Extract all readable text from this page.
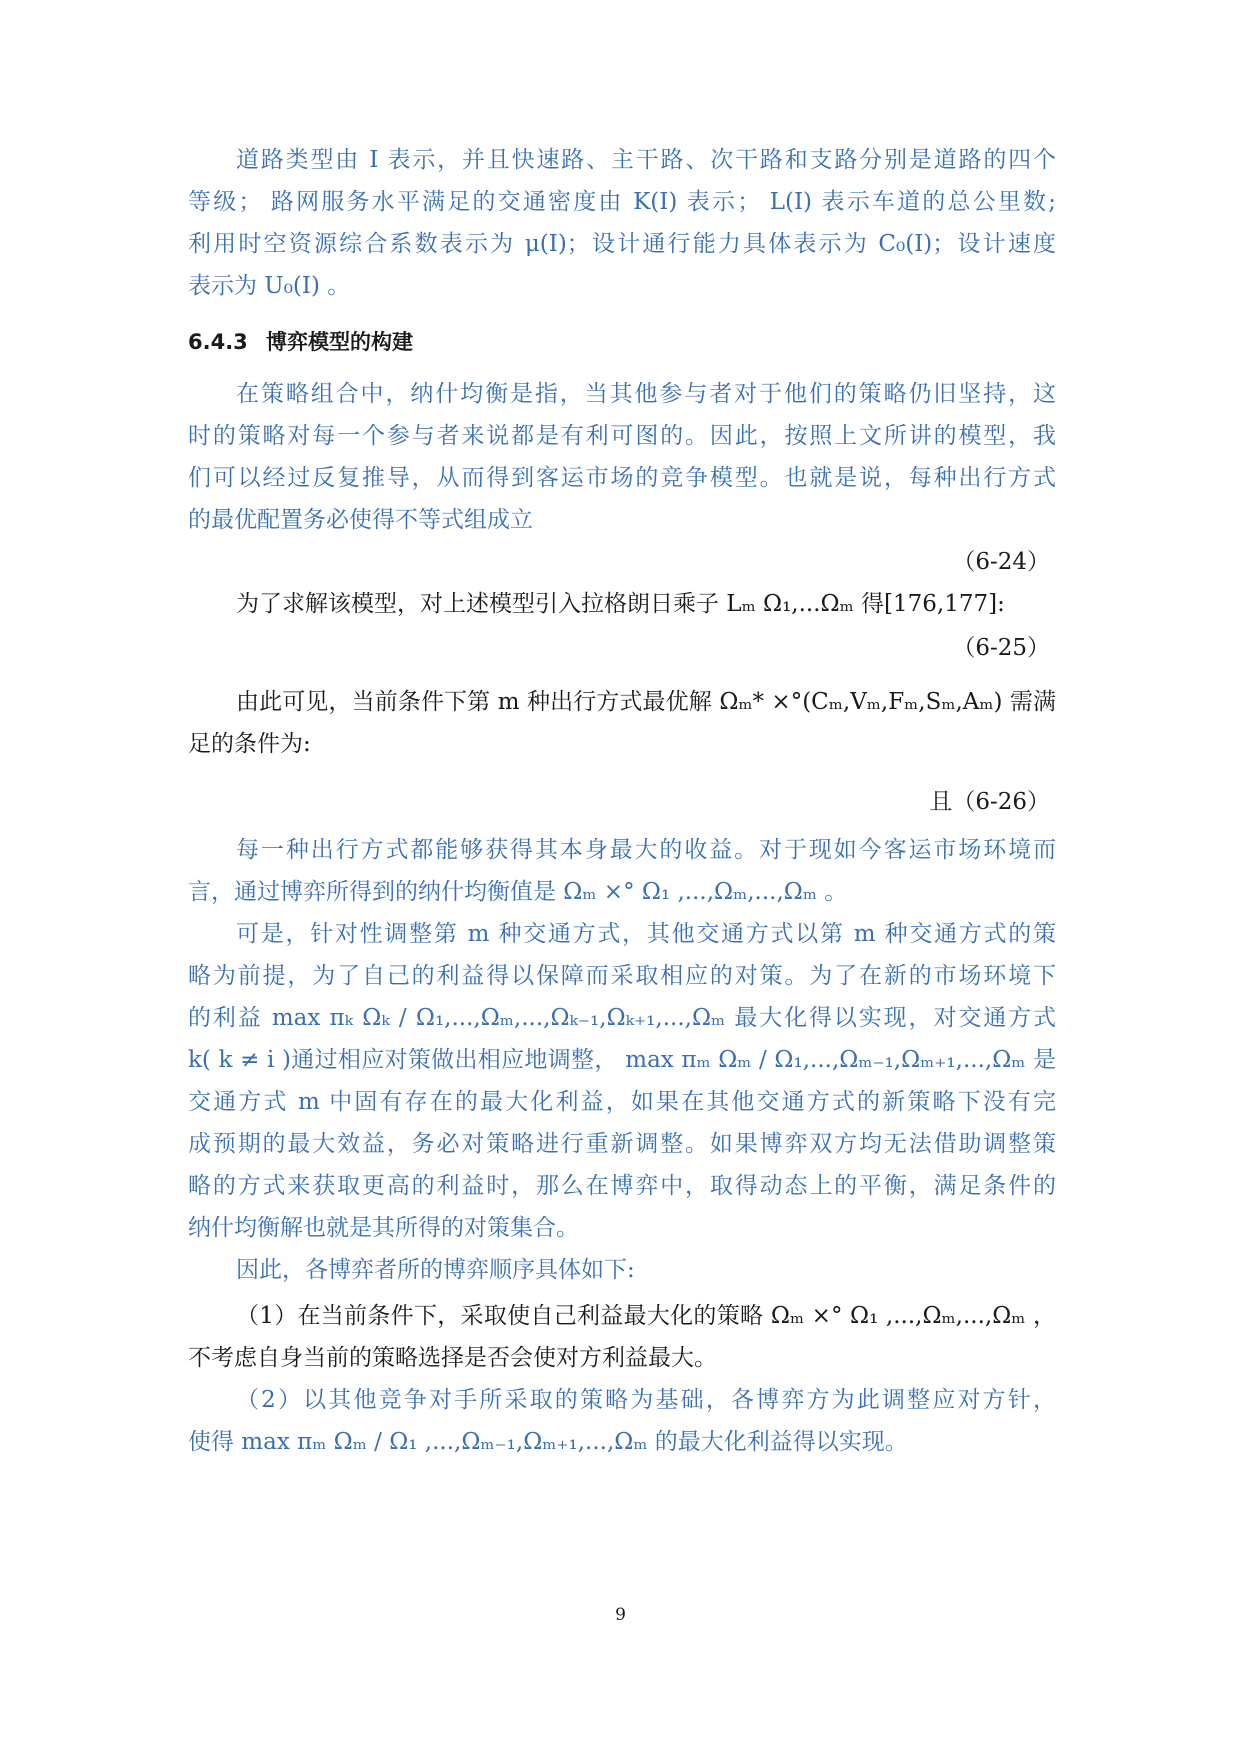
道路类型由 I 表示，并且快速路、主干路、次干路和支路分别是道路的四个
等级； 路网服务水平满足的交通密度由 K(I) 表示； L(I) 表示车道的总公里数;
利用时空资源综合系数表示为 μ(I)；设计通行能力具体表示为 C₀(I)；设计速度
表示为 U₀(I) 。
6.4.3 博弈模型的构建
在策略组合中，纳什均衡是指，当其他参与者对于他们的策略仍旧坚持，这
时的策略对每一个参与者来说都是有利可图的。因此，按照上文所讲的模型，我
们可以经过反复推导，从而得到客运市场的竞争模型。也就是说，每种出行方式
的最优配置务必使得不等式组成立
（6-24）
为了求解该模型，对上述模型引入拉格朗日乘子 Lₘ Ω₁,...Ωₘ 得[176,177]:
（6-25）
由此可见，当前条件下第 m 种出行方式最优解 Ωₘ* ×°(Cₘ,Vₘ,Fₘ,Sₘ,Aₘ) 需满
足的条件为:
且（6-26）
每一种出行方式都能够获得其本身最大的收益。对于现如今客运市场环境而
言，通过博弈所得到的纳什均衡值是 Ωₘ ×° Ω₁ ,...,Ωₘ,...,Ωₘ 。
可是，针对性调整第 m 种交通方式，其他交通方式以第 m 种交通方式的策
略为前提，为了自己的利益得以保障而采取相应的对策。为了在新的市场环境下
的利益 max πₖ Ωₖ / Ω₁,...,Ωₘ,...,Ωₖ₋₁,Ωₖ₊₁,...,Ωₘ 最大化得以实现，对交通方式
k( k ≠ i )通过相应对策做出相应地调整， max πₘ Ωₘ / Ω₁,...,Ωₘ₋₁,Ωₘ₊₁,...,Ωₘ 是
交通方式 m 中固有存在的最大化利益，如果在其他交通方式的新策略下没有完
成预期的最大效益，务必对策略进行重新调整。如果博弈双方均无法借助调整策
略的方式来获取更高的利益时，那么在博弈中，取得动态上的平衡，满足条件的
纳什均衡解也就是其所得的对策集合。
因此，各博弈者所的博弈顺序具体如下:
（1）在当前条件下，采取使自己利益最大化的策略 Ωₘ ×° Ω₁ ,...,Ωₘ,...,Ωₘ ，
不考虑自身当前的策略选择是否会使对方利益最大。
（2）以其他竞争对手所采取的策略为基础，各博弈方为此调整应对方针，
使得 max πₘ Ωₘ / Ω₁ ,...,Ωₘ₋₁,Ωₘ₊₁,...,Ωₘ 的最大化利益得以实现。
9
